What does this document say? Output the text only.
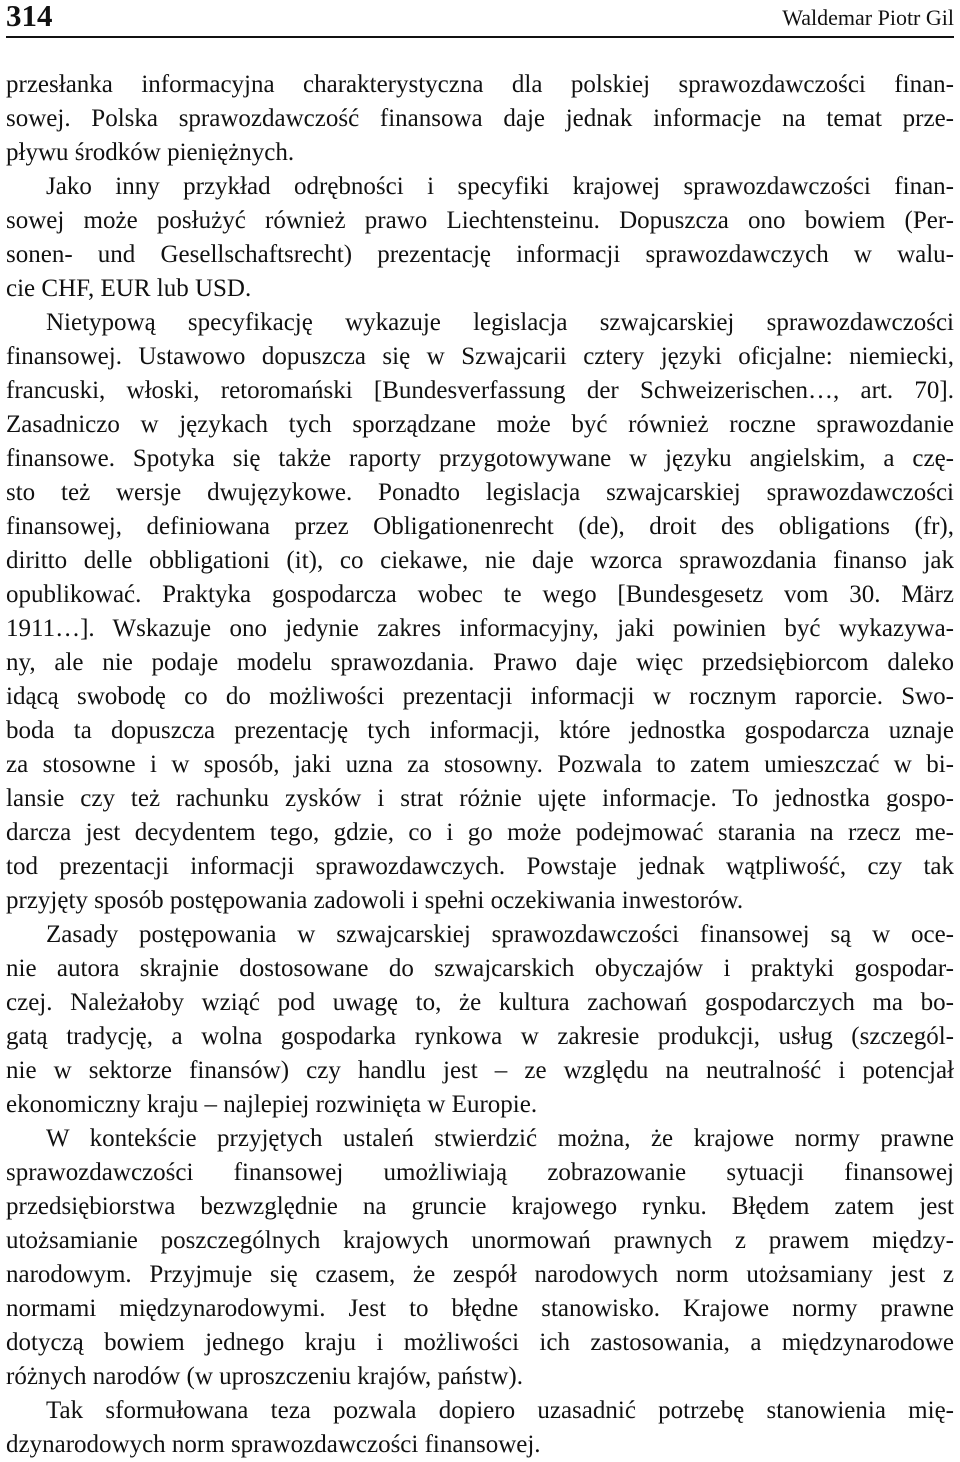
314	Waldemar Piotr Gil
przesłanka informacyjna charakterystyczna dla polskiej sprawozdawczości finan-
sowej. Polska sprawozdawczość finansowa daje jednak informacje na temat prze-
pływu środków pieniężnych.
Jako inny przykład odrębności i specyfiki krajowej sprawozdawczości finan-
sowej może posłużyć również prawo Liechtensteinu. Dopuszcza ono bowiem (Per-
sonen- und Gesellschaftsrecht) prezentację informacji sprawozdawczych w walu-
cie CHF, EUR lub USD.
Nietypową specyfikację wykazuje legislacja szwajcarskiej sprawozdawczości
finansowej. Ustawowo dopuszcza się w Szwajcarii cztery języki oficjalne: niemiecki,
francuski, włoski, retoromański [Bundesverfassung der Schweizerischen…, art. 70].
Zasadniczo w językach tych sporządzane może być również roczne sprawozdanie
finansowe. Spotyka się także raporty przygotowywane w języku angielskim, a czę-
sto też wersje dwujęzykowe. Ponadto legislacja szwajcarskiej sprawozdawczości
finansowej, definiowana przez Obligationenrecht (de), droit des obligations (fr),
diritto delle obbligationi (it), co ciekawe, nie daje wzorca sprawozdania finanso jak
opublikować. Praktyka gospodarcza wobec te wego [Bundesgesetz vom 30. März
1911…]. Wskazuje ono jedynie zakres informacyjny, jaki powinien być wykazywa-
ny, ale nie podaje modelu sprawozdania. Prawo daje więc przedsiębiorcom daleko
idącą swobodę co do możliwości prezentacji informacji w rocznym raporcie. Swo-
boda ta dopuszcza prezentację tych informacji, które jednostka gospodarcza uznaje
za stosowne i w sposób, jaki uzna za stosowny. Pozwala to zatem umieszczać w bi-
lansie czy też rachunku zysków i strat różnie ujęte informacje. To jednostka gospo-
darcza jest decydentem tego, gdzie, co i go może podejmować starania na rzecz me-
tod prezentacji informacji sprawozdawczych. Powstaje jednak wątpliwość, czy tak
przyjęty sposób postępowania zadowoli i spełni oczekiwania inwestorów.
Zasady postępowania w szwajcarskiej sprawozdawczości finansowej są w oce-
nie autora skrajnie dostosowane do szwajcarskich obyczajów i praktyki gospodar-
czej. Należałoby wziąć pod uwagę to, że kultura zachowań gospodarczych ma bo-
gatą tradycję, a wolna gospodarka rynkowa w zakresie produkcji, usług (szczegól-
nie w sektorze finansów) czy handlu jest – ze względu na neutralność i potencjał
ekonomiczny kraju – najlepiej rozwinięta w Europie.
W kontekście przyjętych ustaleń stwierdzić można, że krajowe normy prawne
sprawozdawczości finansowej umożliwiają zobrazowanie sytuacji finansowej
przedsiębiorstwa bezwzględnie na gruncie krajowego rynku. Błędem zatem jest
utożsamianie poszczególnych krajowych unormowań prawnych z prawem między-
narodowym. Przyjmuje się czasem, że zespół narodowych norm utożsamiany jest z
normami międzynarodowymi. Jest to błędne stanowisko. Krajowe normy prawne
dotyczą bowiem jednego kraju i możliwości ich zastosowania, a międzynarodowe
różnych narodów (w uproszczeniu krajów, państw).
Tak sformułowana teza pozwala dopiero uzasadnić potrzebę stanowienia mię-
dzynarodowych norm sprawozdawczości finansowej.
